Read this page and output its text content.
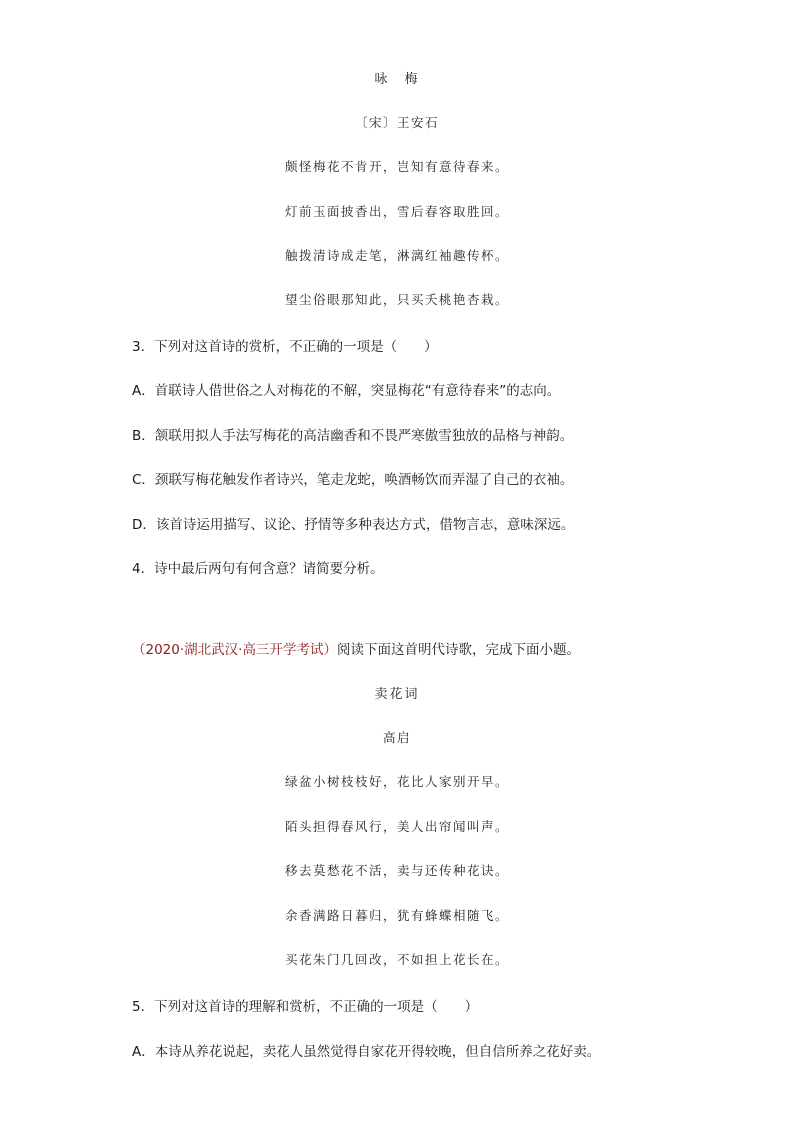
咏　梅
〔宋〕王安石
颇怪梅花不肯开，岂知有意待春来。
灯前玉面披香出，雪后春容取胜回。
触拨清诗成走笔，淋漓红袖趣传杯。
望尘俗眼那知此，只买夭桃艳杏栽。
3．下列对这首诗的赏析，不正确的一项是（　　）
A．首联诗人借世俗之人对梅花的不解，突显梅花“有意待春来”的志向。
B．颔联用拟人手法写梅花的高洁幽香和不畏严寒傲雪独放的品格与神韵。
C．颈联写梅花触发作者诗兴，笔走龙蛇，唤酒畅饮而弄湿了自己的衣袖。
D．该首诗运用描写、议论、抒情等多种表达方式，借物言志，意味深远。
4．诗中最后两句有何含意？请简要分析。
（2020·湖北武汉·高三开学考试）阅读下面这首明代诗歌，完成下面小题。
卖花词
高启
绿盆小树枝枝好，花比人家别开早。
陌头担得春风行，美人出帘闻叫声。
移去莫愁花不活，卖与还传种花诀。
余香满路日暮归，犹有蜂蝶相随飞。
买花朱门几回改，不如担上花长在。
5．下列对这首诗的理解和赏析，不正确的一项是（　　）
A．本诗从养花说起，卖花人虽然觉得自家花开得较晚，但自信所养之花好卖。
